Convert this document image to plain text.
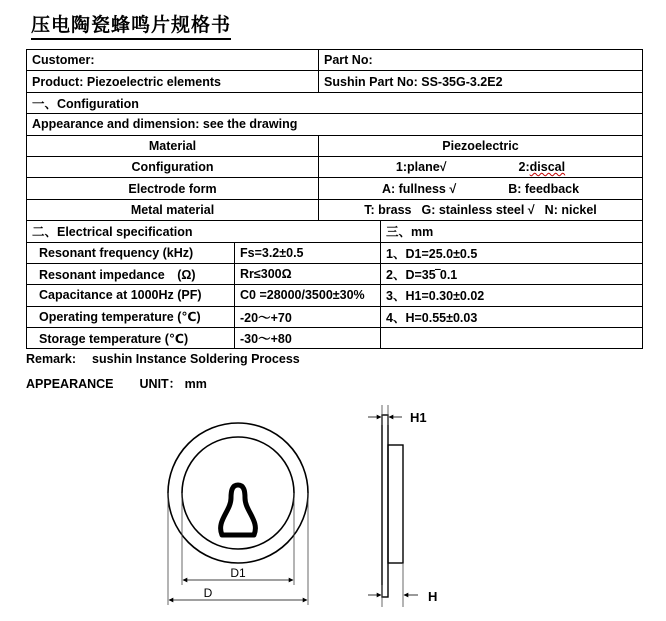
压电陶瓷蜂鸣片规格书
Customer:		Part No:	
Product: Piezoelectric elements		Sushin Part No: SS-35G-3.2E2	
一、Configuration			
Appearance and dimension: see the drawing			
Material		Piezoelectric	
Configuration		1:plane√ 2:discal	
Electrode form		A: fullness √ B: feedback	
Metal material		T: brass G: stainless steel √ N: nickel	
二、Electrical specification			三、mm
Resonant frequency (kHz)	Fs=3.2±0.5		1、D1=25.0±0.5
Resonant impedance　(Ω)	Rr≤300Ω		2、D=35‾0.1
Capacitance at 1000Hz (PF)	C0 =28000/3500±30%		3、H1=0.30±0.02
Operating temperature (℃)	-20～+70		4、H=0.55±0.03
Storage temperature (℃)	-30～+80		
Remark: sushin Instance Soldering Process
APPEARANCE UNIT： mm
D1
D
H1
H
